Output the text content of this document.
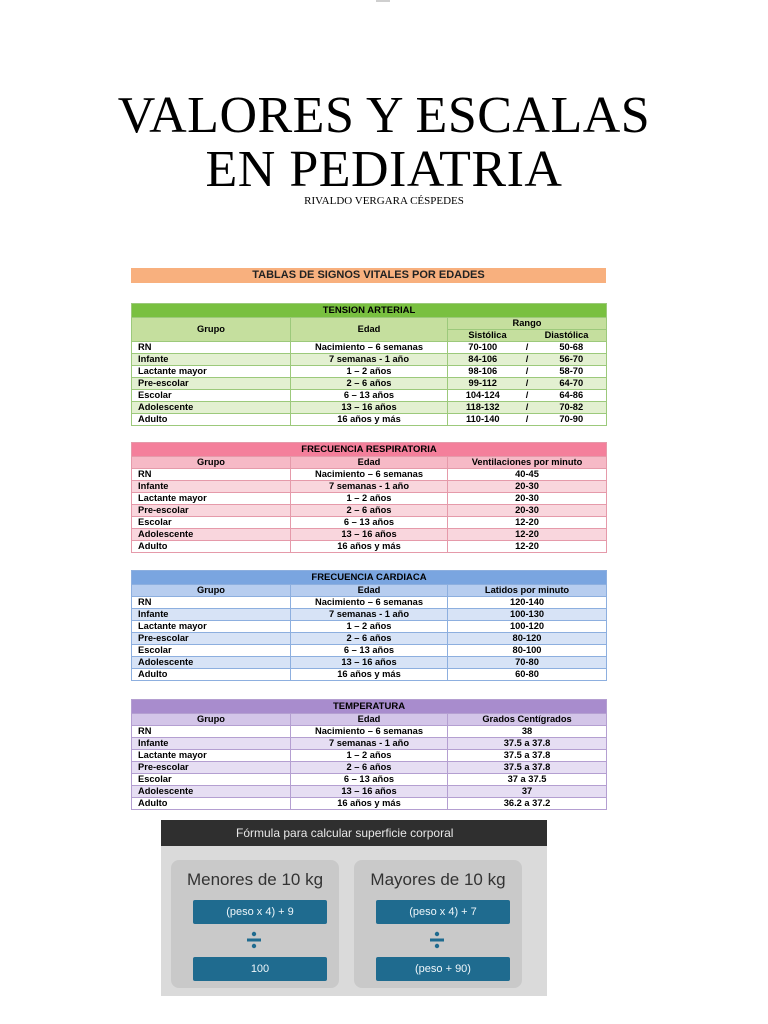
VALORES Y ESCALAS
EN PEDIATRIA
RIVALDO VERGARA CÉSPEDES
TABLAS DE SIGNOS VITALES POR EDADES
TENSION ARTERIAL		
Grupo	Edad	Rango

		Sistólica Diastólica

RN	Nacimiento – 6 semanas	70-100 / 50-68

Infante	7 semanas - 1 año	84-106 / 56-70

Lactante mayor	1 – 2 años	98-106 / 58-70

Pre-escolar	2 – 6 años	99-112 / 64-70

Escolar	6 – 13 años	104-124 / 64-86

Adolescente	13 – 16 años	118-132 / 70-82

Adulto	16 años y más	110-140 / 70-90
FRECUENCIA RESPIRATORIA		
Grupo	Edad	Ventilaciones por minuto
RN	Nacimiento – 6 semanas	40-45
Infante	7 semanas - 1 año	20-30
Lactante mayor	1 – 2 años	20-30
Pre-escolar	2 – 6 años	20-30
Escolar	6 – 13 años	12-20
Adolescente	13 – 16 años	12-20
Adulto	16 años y más	12-20
FRECUENCIA CARDIACA		
Grupo	Edad	Latidos por minuto
RN	Nacimiento – 6 semanas	120-140
Infante	7 semanas - 1 año	100-130
Lactante mayor	1 – 2 años	100-120
Pre-escolar	2 – 6 años	80-120
Escolar	6 – 13 años	80-100
Adolescente	13 – 16 años	70-80
Adulto	16 años y más	60-80
TEMPERATURA		
Grupo	Edad	Grados Centígrados
RN	Nacimiento – 6 semanas	38
Infante	7 semanas - 1 año	37.5 a 37.8
Lactante mayor	1 – 2 años	37.5 a 37.8
Pre-escolar	2 – 6 años	37.5 a 37.8
Escolar	6 – 13 años	37 a 37.5
Adolescente	13 – 16 años	37
Adulto	16 años y más	36.2 a 37.2
Fórmula para calcular superficie corporal
Menores de 10 kg
(peso x 4) + 9
100
Mayores de 10 kg
(peso x 4) + 7
(peso + 90)
